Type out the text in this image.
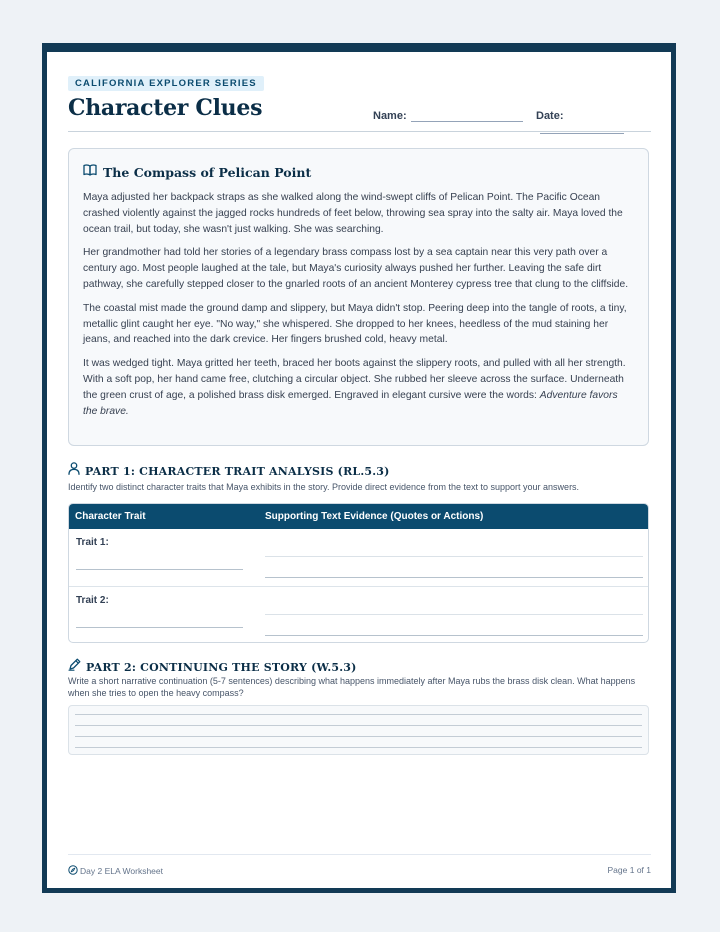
CALIFORNIA EXPLORER SERIES
Character Clues	Name:	Date:
The Compass of Pelican Point

Maya adjusted her backpack straps as she walked along the wind-swept cliffs of Pelican Point. The Pacific Ocean crashed violently against the jagged rocks hundreds of feet below, throwing sea spray into the salty air. Maya loved the ocean trail, but today, she wasn't just walking. She was searching.

Her grandmother had told her stories of a legendary brass compass lost by a sea captain near this very path over a century ago. Most people laughed at the tale, but Maya's curiosity always pushed her further. Leaving the safe dirt pathway, she carefully stepped closer to the gnarled roots of an ancient Monterey cypress tree that clung to the cliffside.

The coastal mist made the ground damp and slippery, but Maya didn't stop. Peering deep into the tangle of roots, a tiny, metallic glint caught her eye. "No way," she whispered. She dropped to her knees, heedless of the mud staining her jeans, and reached into the dark crevice. Her fingers brushed cold, heavy metal.

It was wedged tight. Maya gritted her teeth, braced her boots against the slippery roots, and pulled with all her strength. With a soft pop, her hand came free, clutching a circular object. She rubbed her sleeve across the surface. Underneath the green crust of age, a polished brass disk emerged. Engraved in elegant cursive were the words: Adventure favors the brave.

PART 1: CHARACTER TRAIT ANALYSIS (RL.5.3)
Identify two distinct character traits that Maya exhibits in the story. Provide direct evidence from the text to support your answers.
Character Trait	Supporting Text Evidence (Quotes or Actions)
Trait 1:
Trait 2:
PART 2: CONTINUING THE STORY (W.5.3)
Write a short narrative continuation (5-7 sentences) describing what happens immediately after Maya rubs the brass disk clean. What happens when she tries to open the heavy compass?
Day 2 ELA Worksheet	Page 1 of 1
